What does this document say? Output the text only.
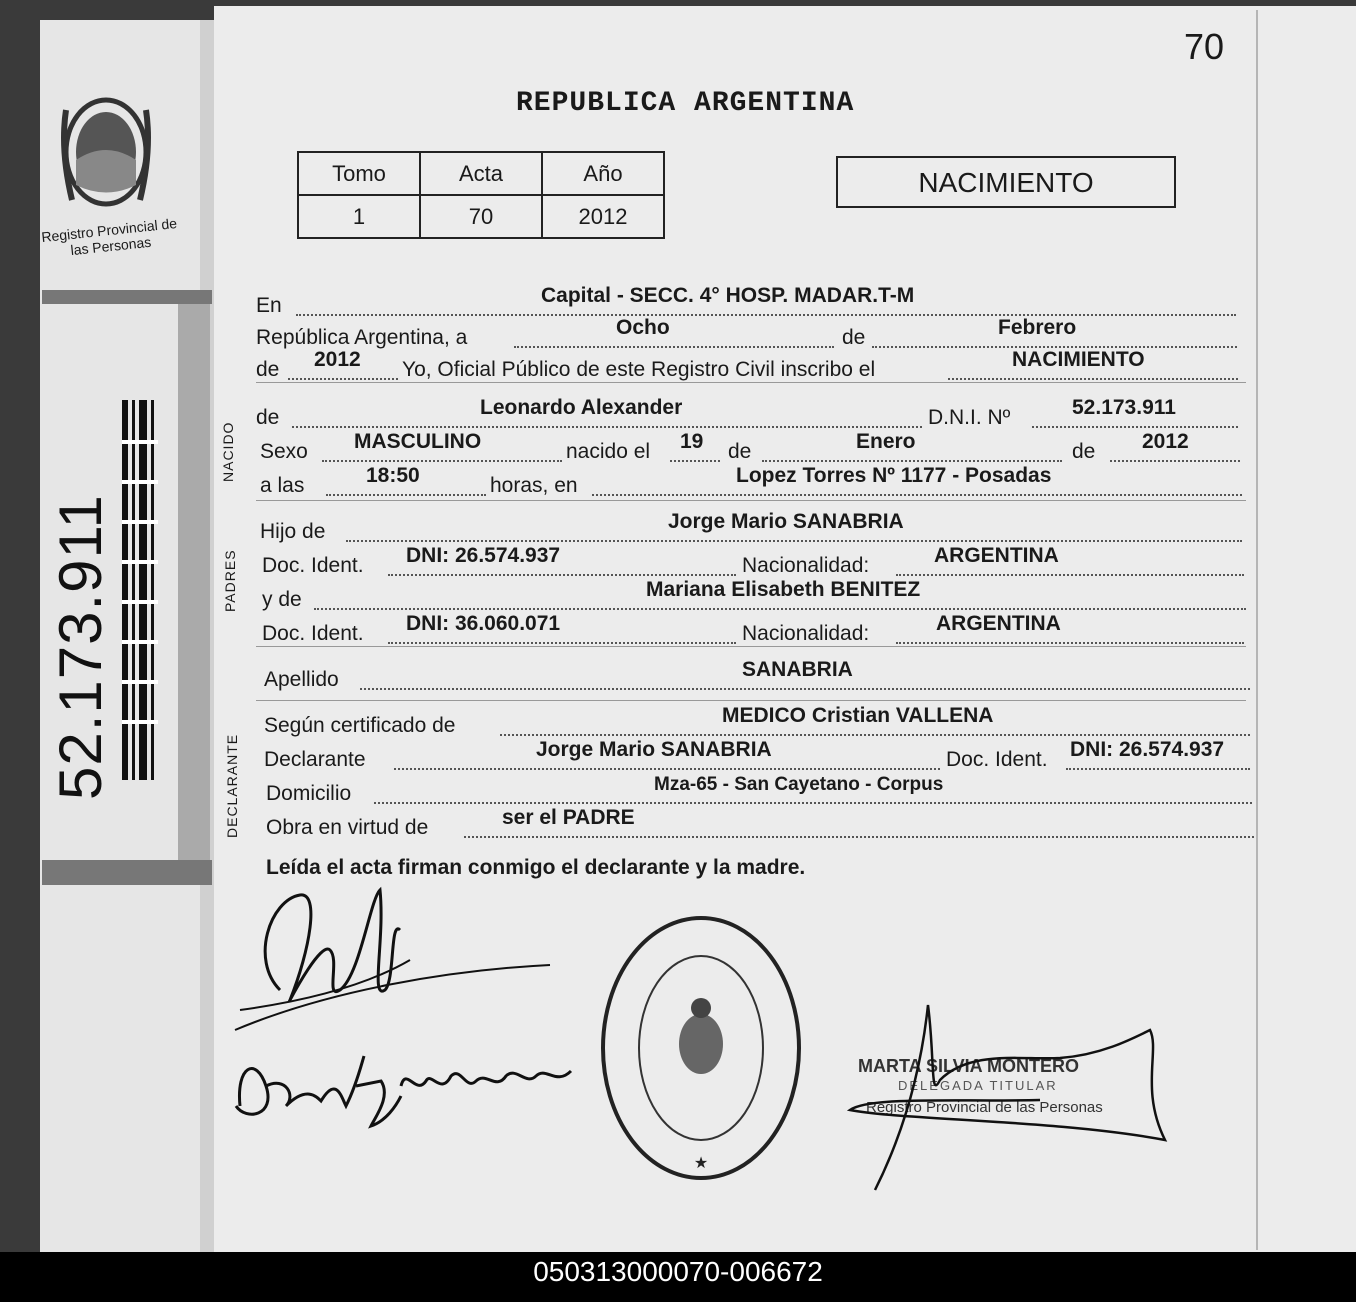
Registro Provincial de las Personas
52.173.911
70
REPUBLICA ARGENTINA
Tomo	Acta	Año
1	70	2012
NACIMIENTO
En	Capital - SECC. 4° HOSP. MADAR.T-M
República Argentina, a	Ocho	de	Febrero
de 2012 Yo, Oficial Público de este Registro Civil inscribo el	NACIMIENTO
NACIDO
de	Leonardo Alexander	D.N.I. Nº	52.173.911
Sexo MASCULINO	nacido el 19 de	Enero	de 2012
a las	18:50	horas, en	Lopez Torres Nº 1177 - Posadas
PADRES
Hijo de	Jorge Mario SANABRIA
Doc. Ident. DNI: 26.574.937	Nacionalidad:	ARGENTINA
y de	Mariana Elisabeth BENITEZ
Doc. Ident. DNI: 36.060.071	Nacionalidad:	ARGENTINA
Apellido	SANABRIA
DECLARANTE
Según certificado de	MEDICO Cristian VALLENA
Declarante	Jorge Mario SANABRIA	Doc. Ident. DNI: 26.574.937
Domicilio	Mza-65 - San Cayetano - Corpus
Obra en virtud de	ser el PADRE
Leída el acta firman conmigo el declarante y la madre.
★
MARTA SILVIA MONTERO
DELEGADA TITULAR
Registro Provincial de las Personas
050313000070-006672
